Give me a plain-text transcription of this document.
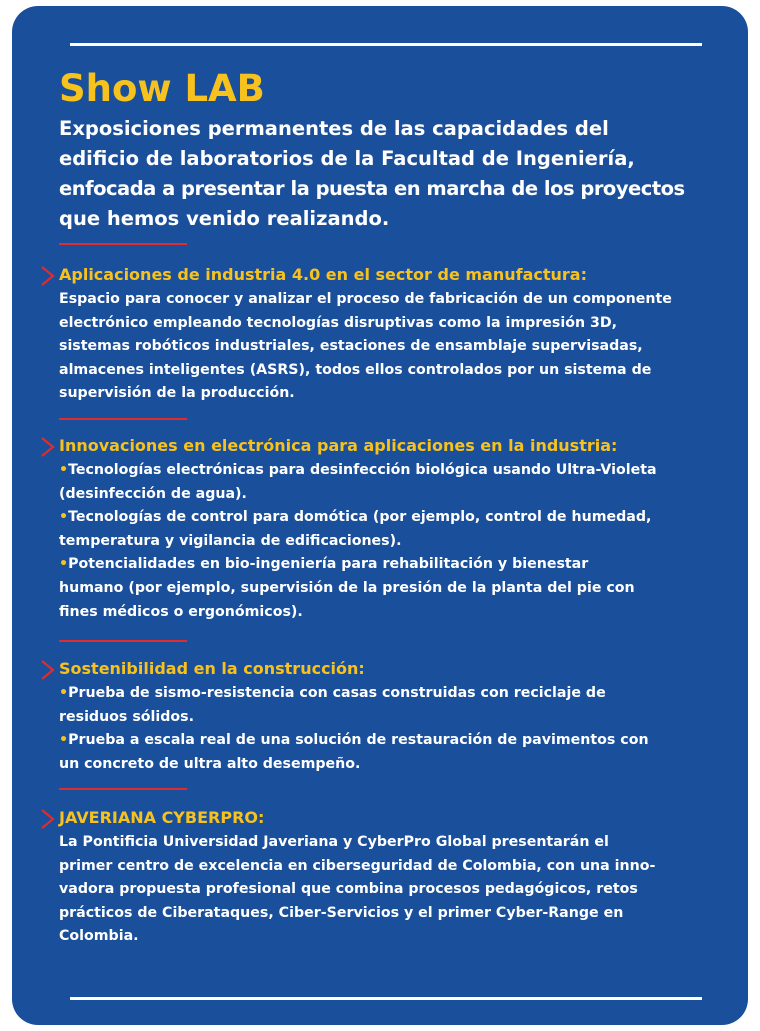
Show LAB
Exposiciones permanentes de las capacidades del
edificio de laboratorios de la Facultad de Ingeniería,
enfocada a presentar la puesta en marcha de los proyectos
que hemos venido realizando.
Aplicaciones de industria 4.0 en el sector de manufactura:

Espacio para conocer y analizar el proceso de fabricación de un componente

electrónico empleando tecnologías disruptivas como la impresión 3D,

sistemas robóticos industriales, estaciones de ensamblaje supervisadas,

almacenes inteligentes (ASRS), todos ellos controlados por un sistema de

supervisión de la producción.

Innovaciones en electrónica para aplicaciones en la industria:

•Tecnologías electrónicas para desinfección biológica usando Ultra-Violeta

(desinfección de agua).

•Tecnologías de control para domótica (por ejemplo, control de humedad,

temperatura y vigilancia de edificaciones).

•Potencialidades en bio-ingeniería para rehabilitación y bienestar

humano (por ejemplo, supervisión de la presión de la planta del pie con

fines médicos o ergonómicos).

Sostenibilidad en la construcción:

•Prueba de sismo-resistencia con casas construidas con reciclaje de

residuos sólidos.

•Prueba a escala real de una solución de restauración de pavimentos con

un concreto de ultra alto desempeño.

JAVERIANA CYBERPRO:

La Pontificia Universidad Javeriana y CyberPro Global presentarán el

primer centro de excelencia en ciberseguridad de Colombia, con una inno-

vadora propuesta profesional que combina procesos pedagógicos, retos

prácticos de Ciberataques, Ciber-Servicios y el primer Cyber-Range en

Colombia.
